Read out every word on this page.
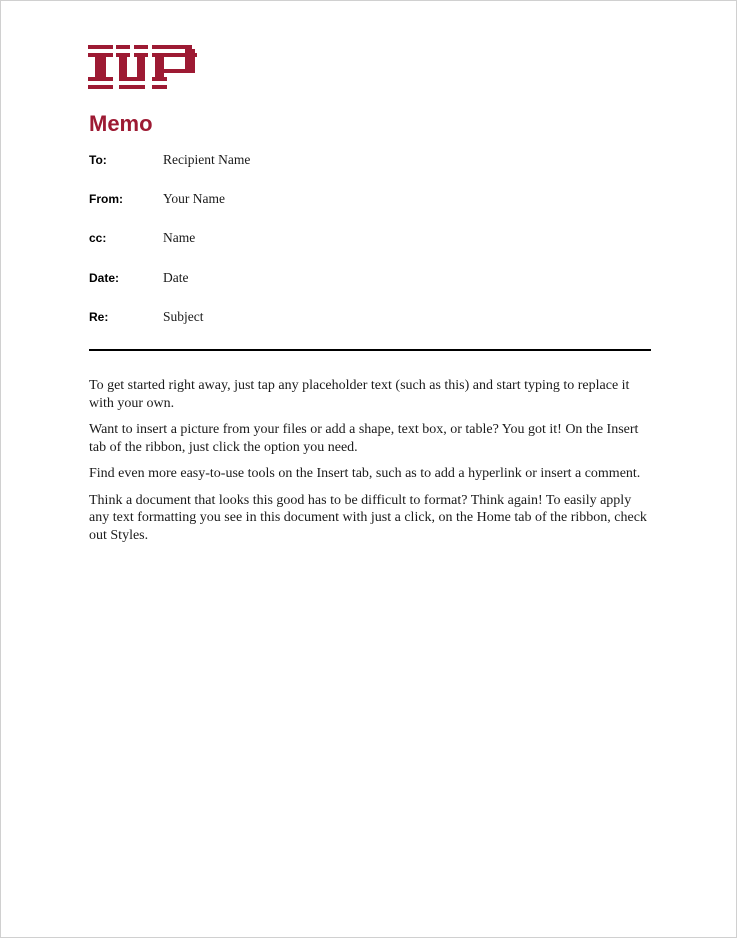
Memo
To:	Recipient Name
From:	Your Name
cc:	Name
Date:	Date
Re:	Subject

To get started right away, just tap any placeholder text (such as this) and start typing to replace it with your own.

Want to insert a picture from your files or add a shape, text box, or table? You got it! On the Insert tab of the ribbon, just click the option you need.

Find even more easy-to-use tools on the Insert tab, such as to add a hyperlink or insert a comment.

Think a document that looks this good has to be difficult to format? Think again! To easily apply any text formatting you see in this document with just a click, on the Home tab of the ribbon, check out Styles.
